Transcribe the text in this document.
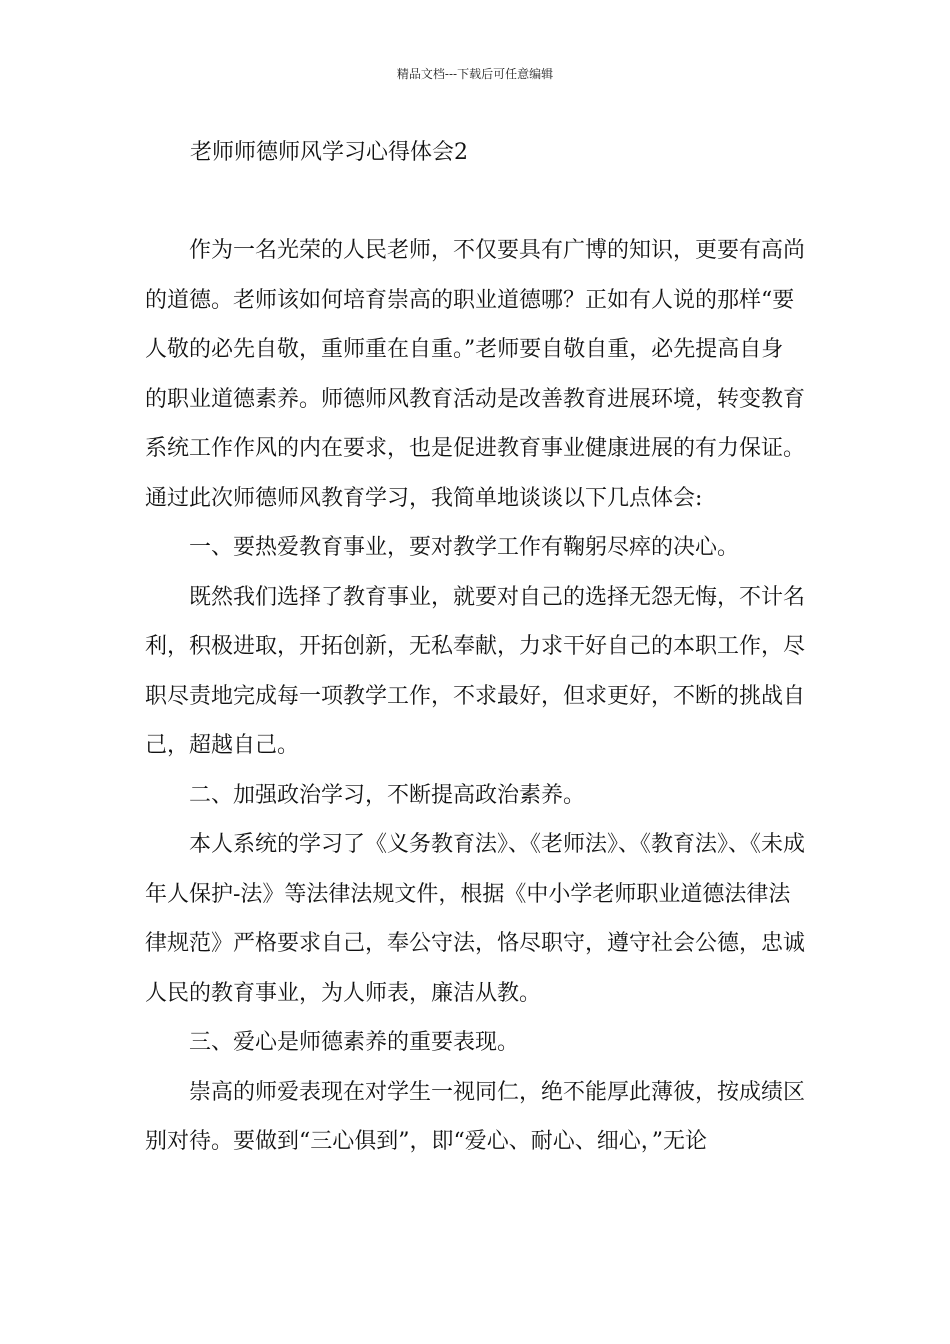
精品文档---下载后可任意编辑
老师师德师风学习心得体会2

作为一名光荣的人民老师，不仅要具有广博的知识，更要有高尚的道德。老师该如何培育崇高的职业道德哪？正如有人说的那样“要人敬的必先自敬，重师重在自重。”老师要自敬自重，必先提高自身的职业道德素养。师德师风教育活动是改善教育进展环境，转变教育系统工作作风的内在要求，也是促进教育事业健康进展的有力保证。通过此次师德师风教育学习，我简单地谈谈以下几点体会:

一、要热爱教育事业，要对教学工作有鞠躬尽瘁的决心。

既然我们选择了教育事业，就要对自己的选择无怨无悔，不计名利，积极进取，开拓创新，无私奉献，力求干好自己的本职工作，尽职尽责地完成每一项教学工作，不求最好，但求更好，不断的挑战自己，超越自己。

二、加强政治学习，不断提高政治素养。

本人系统的学习了《义务教育法》、《老师法》、《教育法》、《未成年人保护-法》等法律法规文件，根据《中小学老师职业道德法律法律规范》严格要求自己，奉公守法，恪尽职守，遵守社会公德，忠诚人民的教育事业，为人师表，廉洁从教。

三、爱心是师德素养的重要表现。

崇高的师爱表现在对学生一视同仁，绝不能厚此薄彼，按成绩区别对待。要做到“三心俱到”，即“爱心、耐心、细心，”无论
